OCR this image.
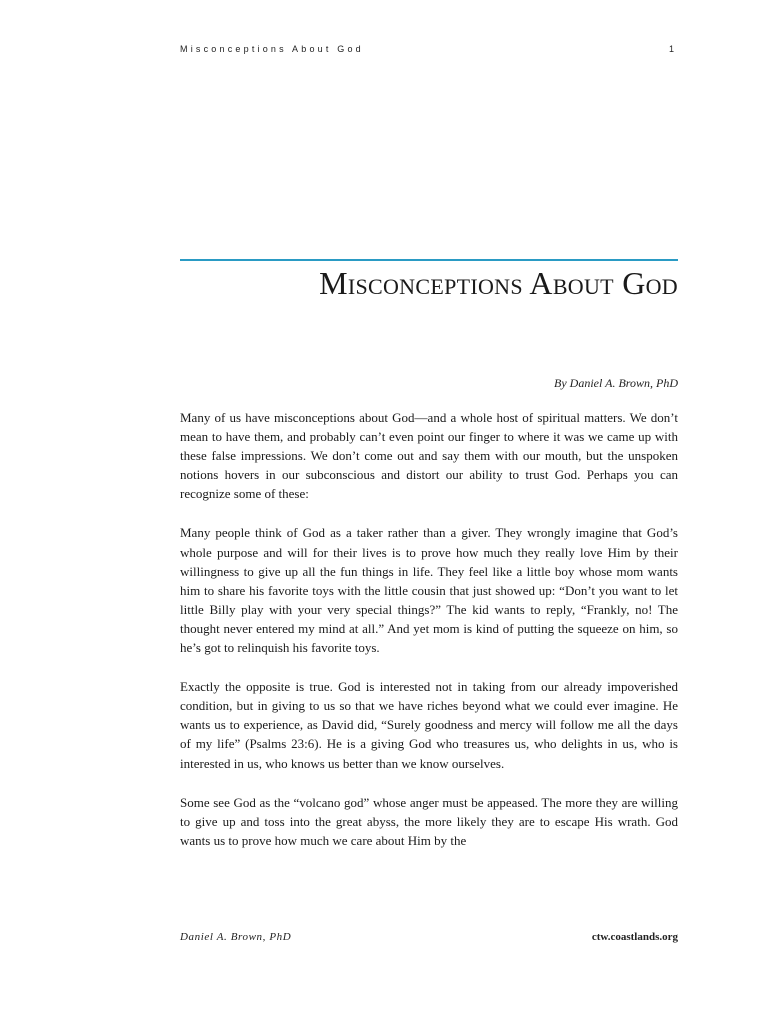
Misconceptions About God	1
Misconceptions About God
By Daniel A. Brown, PhD

Many of us have misconceptions about God—and a whole host of spiritual matters. We don’t mean to have them, and probably can’t even point our finger to where it was we came up with these false impressions. We don’t come out and say them with our mouth, but the unspoken notions hovers in our subconscious and distort our ability to trust God. Perhaps you can recognize some of these:

Many people think of God as a taker rather than a giver. They wrongly imagine that God’s whole purpose and will for their lives is to prove how much they really love Him by their willingness to give up all the fun things in life. They feel like a little boy whose mom wants him to share his favorite toys with the little cousin that just showed up: “Don’t you want to let little Billy play with your very special things?” The kid wants to reply, “Frankly, no! The thought never entered my mind at all.” And yet mom is kind of putting the squeeze on him, so he’s got to relinquish his favorite toys.

Exactly the opposite is true. God is interested not in taking from our already impoverished condition, but in giving to us so that we have riches beyond what we could ever imagine. He wants us to experience, as David did, “Surely goodness and mercy will follow me all the days of my life” (Psalms 23:6). He is a giving God who treasures us, who delights in us, who is interested in us, who knows us better than we know ourselves.

Some see God as the “volcano god” whose anger must be appeased. The more they are willing to give up and toss into the great abyss, the more likely they are to escape His wrath. God wants us to prove how much we care about Him by the

Daniel A. Brown, PhD	ctw.coastlands.org
